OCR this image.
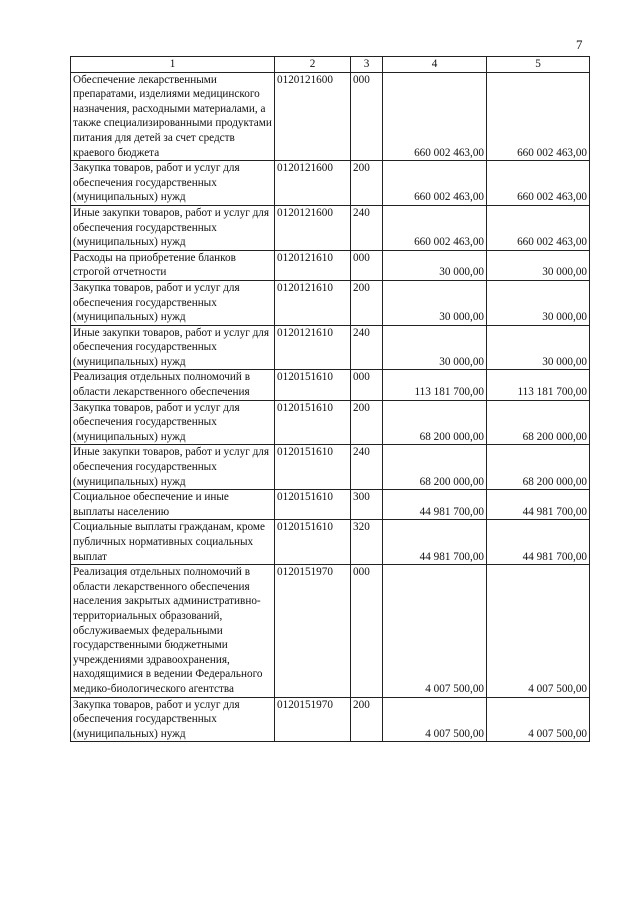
7
1	2	3	4	5
Обеспечение лекарственными препаратами, изделиями медицинского назначения, расходными материалами, а также специализированными продуктами питания для детей за счет средств краевого бюджета	0120121600	000	660 002 463,00	660 002 463,00
Закупка товаров, работ и услуг для обеспечения государственных (муниципальных) нужд	0120121600	200	660 002 463,00	660 002 463,00
Иные закупки товаров, работ и услуг для обеспечения государственных (муниципальных) нужд	0120121600	240	660 002 463,00	660 002 463,00
Расходы на приобретение бланков строгой отчетности	0120121610	000	30 000,00	30 000,00
Закупка товаров, работ и услуг для обеспечения государственных (муниципальных) нужд	0120121610	200	30 000,00	30 000,00
Иные закупки товаров, работ и услуг для обеспечения государственных (муниципальных) нужд	0120121610	240	30 000,00	30 000,00
Реализация отдельных полномочий в области лекарственного обеспечения	0120151610	000	113 181 700,00	113 181 700,00
Закупка товаров, работ и услуг для обеспечения государственных (муниципальных) нужд	0120151610	200	68 200 000,00	68 200 000,00
Иные закупки товаров, работ и услуг для обеспечения государственных (муниципальных) нужд	0120151610	240	68 200 000,00	68 200 000,00
Социальное обеспечение и иные выплаты населению	0120151610	300	44 981 700,00	44 981 700,00
Социальные выплаты гражданам, кроме публичных нормативных социальных выплат	0120151610	320	44 981 700,00	44 981 700,00
Реализация отдельных полномочий в области лекарственного обеспечения населения закрытых административно-территориальных образований, обслуживаемых федеральными государственными бюджетными учреждениями здравоохранения, находящимися в ведении Федерального медико-биологического агентства	0120151970	000	4 007 500,00	4 007 500,00
Закупка товаров, работ и услуг для обеспечения государственных (муниципальных) нужд	0120151970	200	4 007 500,00	4 007 500,00
